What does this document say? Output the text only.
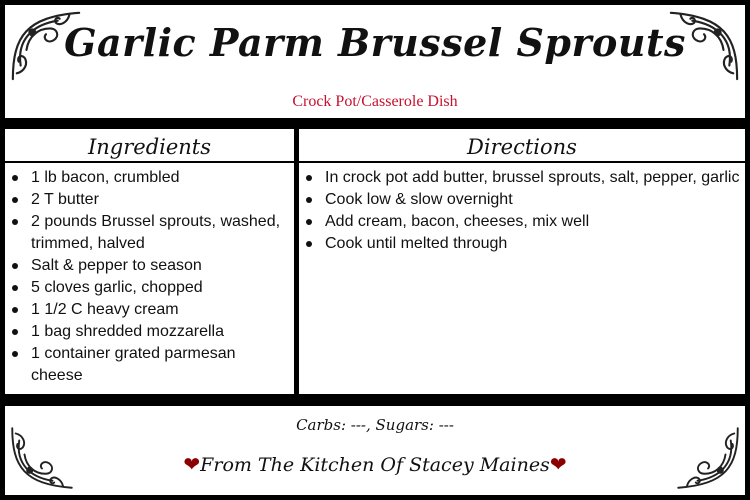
Garlic Parm Brussel Sprouts
Crock Pot/Casserole Dish
Ingredients
1 lb bacon, crumbled
2 T butter
2 pounds Brussel sprouts, washed, trimmed, halved
Salt & pepper to season
5 cloves garlic, chopped
1 1/2 C heavy cream
1 bag shredded mozzarella
1 container grated parmesan cheese
Directions
In crock pot add butter, brussel sprouts, salt, pepper, garlic
Cook low & slow overnight
Add cream, bacon, cheeses, mix well
Cook until melted through
Carbs: ---, Sugars: ---
❤From The Kitchen Of Stacey Maines❤
